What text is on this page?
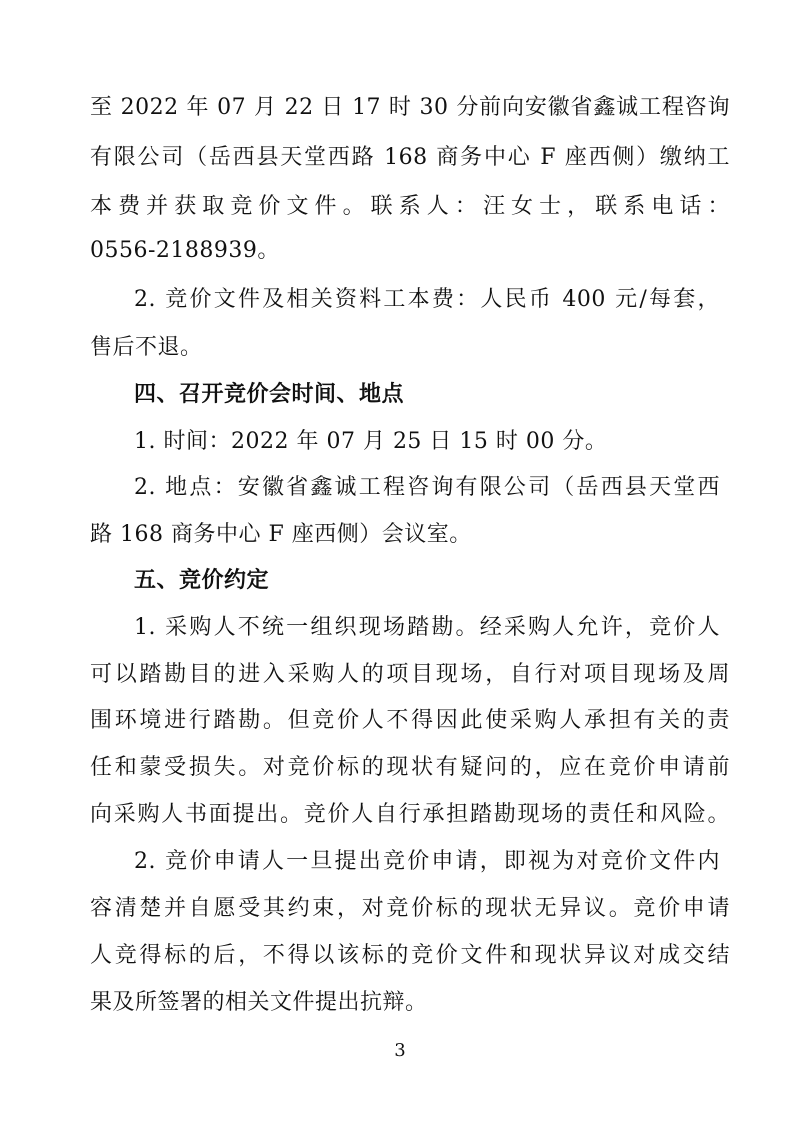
至 2022 年 07 月 22 日 17 时 30 分前向安徽省鑫诚工程咨询
有限公司（岳西县天堂西路 168 商务中心 F 座西侧）缴纳工
本费并获取竞价文件。联系人：汪女士，联系电话：
0556-2188939。
2. 竞价文件及相关资料工本费：人民币 400 元/每套，
售后不退。
四、召开竞价会时间、地点
1. 时间：2022 年 07 月 25 日 15 时 00 分。
2. 地点：安徽省鑫诚工程咨询有限公司（岳西县天堂西
路 168 商务中心 F 座西侧）会议室。
五、竞价约定
1. 采购人不统一组织现场踏勘。经采购人允许，竞价人
可以踏勘目的进入采购人的项目现场，自行对项目现场及周
围环境进行踏勘。但竞价人不得因此使采购人承担有关的责
任和蒙受损失。对竞价标的现状有疑问的，应在竞价申请前
向采购人书面提出。竞价人自行承担踏勘现场的责任和风险。
2. 竞价申请人一旦提出竞价申请，即视为对竞价文件内
容清楚并自愿受其约束，对竞价标的现状无异议。竞价申请
人竞得标的后，不得以该标的竞价文件和现状异议对成交结
果及所签署的相关文件提出抗辩。
3
